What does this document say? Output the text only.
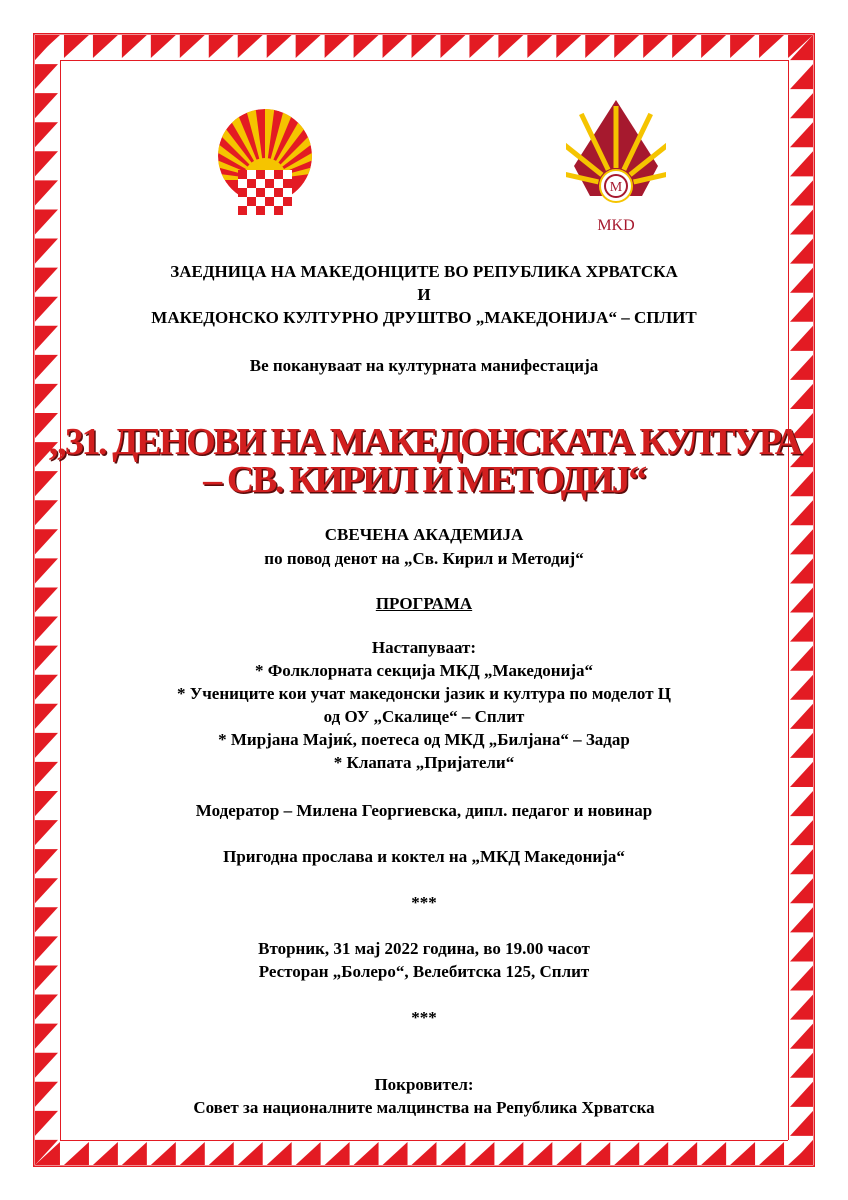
M
MKD
ЗАЕДНИЦА НА МАКЕДОНЦИТЕ ВО РЕПУБЛИКА ХРВАТСКА
И
МАКЕДОНСКО КУЛТУРНО ДРУШТВО „МАКЕДОНИЈА“ – СПЛИТ
Ве покануваат на културната манифестација
„31. ДЕНОВИ НА МАКЕДОНСКАТА КУЛТУРА
– СВ. КИРИЛ И МЕТОДИЈ“
СВЕЧЕНА АКАДЕМИЈА
по повод денот на „Св. Кирил и Методиј“
ПРОГРАМА
Настапуваат:
* Фолклорната секција МКД „Македонија“
* Учениците кои учат македонски јазик и култура по моделот Ц
од ОУ „Скалице“ – Сплит
* Мирјана Мајиќ, поетеса од МКД „Билјана“ – Задар
* Клапата „Пријатели“
Модератор – Милена Георгиевска, дипл. педагог и новинар
Пригодна прослава и коктел на „МКД Македонија“
***
Вторник, 31 мај 2022 година, во 19.00 часот
Ресторан „Болеро“, Велебитска 125, Сплит
***
Покровител:
Совет за националните малцинства на Република Хрватска
